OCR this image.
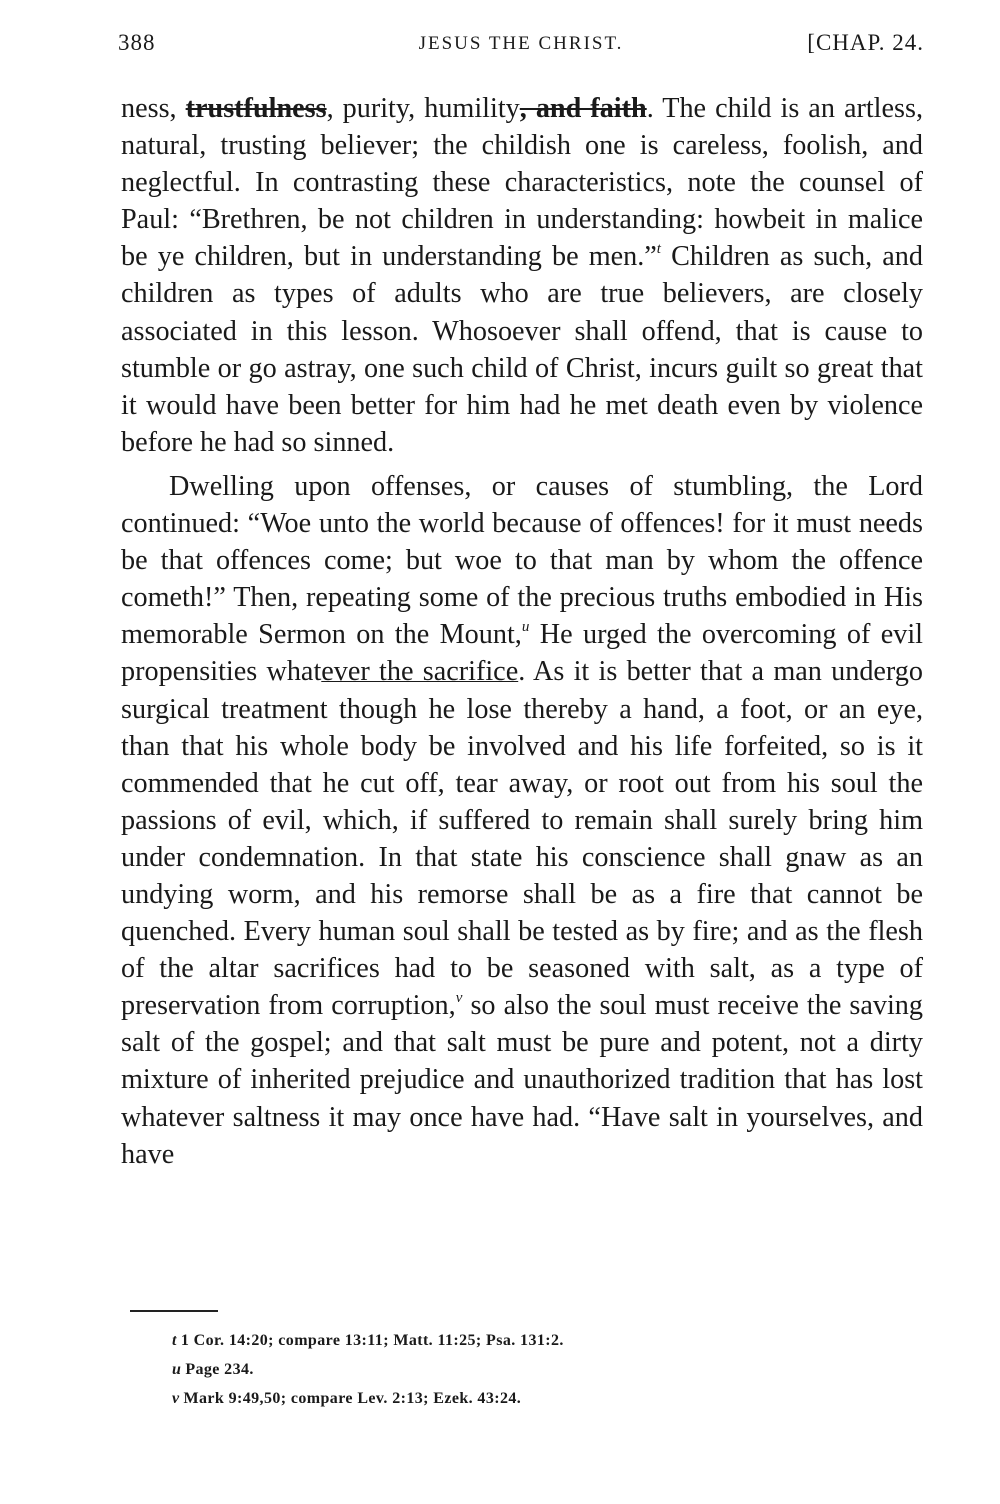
388	JESUS THE CHRIST.	[CHAP. 24.

ness, trustfulness, purity, humility, and faith. The child is an artless, natural, trusting believer; the childish one is careless, foolish, and neglectful. In contrasting these characteristics, note the counsel of Paul: “Brethren, be not children in understanding: howbeit in malice be ye children, but in understanding be men.”$^t$ Children as such, and children as types of adults who are true believers, are closely associated in this lesson. Whosoever shall offend, that is cause to stumble or go astray, one such child of Christ, incurs guilt so great that it would have been better for him had he met death even by violence before he had so sinned.

Dwelling upon offenses, or causes of stumbling, the Lord continued: “Woe unto the world because of offences! for it must needs be that offences come; but woe to that man by whom the offence cometh!” Then, repeating some of the precious truths embodied in His memorable Sermon on the Mount,$^u$ He urged the overcoming of evil propensities whatever the sacrifice. As it is better that a man undergo surgical treatment though he lose thereby a hand, a foot, or an eye, than that his whole body be involved and his life forfeited, so is it commended that he cut off, tear away, or root out from his soul the passions of evil, which, if suffered to remain shall surely bring him under condemnation. In that state his conscience shall gnaw as an undying worm, and his remorse shall be as a fire that cannot be quenched. Every human soul shall be tested as by fire; and as the flesh of the altar sacrifices had to be seasoned with salt, as a type of preservation from corruption,$^v$ so also the soul must receive the saving salt of the gospel; and that salt must be pure and potent, not a dirty mixture of inherited prejudice and unauthorized tradition that has lost whatever saltness it may once have had. “Have salt in yourselves, and have

t 1 Cor. 14:20; compare 13:11; Matt. 11:25; Psa. 131:2.
u Page 234.
v Mark 9:49,50; compare Lev. 2:13; Ezek. 43:24.
